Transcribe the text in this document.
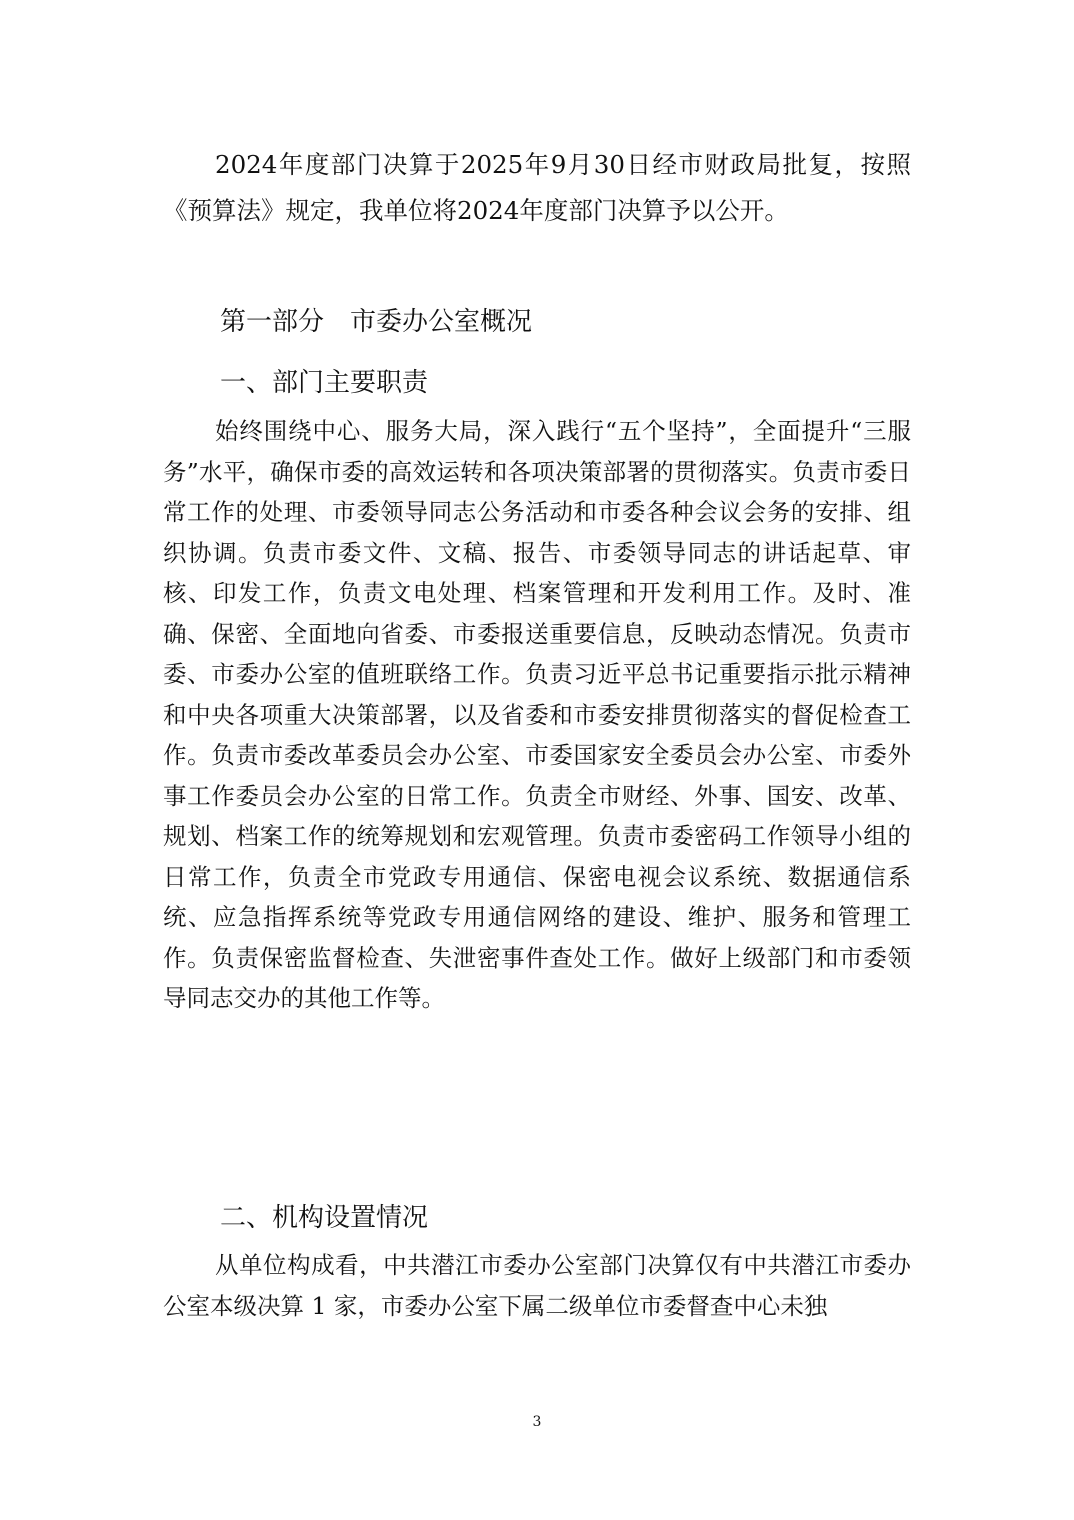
2024年度部门决算于2025年9月30日经市财政局批复，按照《预算法》规定，我单位将2024年度部门决算予以公开。

第一部分 市委办公室概况
一、部门主要职责

始终围绕中心、服务大局，深入践行“五个坚持”，全面提升“三服务”水平，确保市委的高效运转和各项决策部署的贯彻落实。负责市委日常工作的处理、市委领导同志公务活动和市委各种会议会务的安排、组织协调。负责市委文件、文稿、报告、市委领导同志的讲话起草、审核、印发工作，负责文电处理、档案管理和开发利用工作。及时、准确、保密、全面地向省委、市委报送重要信息，反映动态情况。负责市委、市委办公室的值班联络工作。负责习近平总书记重要指示批示精神和中央各项重大决策部署，以及省委和市委安排贯彻落实的督促检查工作。负责市委改革委员会办公室、市委国家安全委员会办公室、市委外事工作委员会办公室的日常工作。负责全市财经、外事、国安、改革、规划、档案工作的统筹规划和宏观管理。负责市委密码工作领导小组的日常工作，负责全市党政专用通信、保密电视会议系统、数据通信系统、应急指挥系统等党政专用通信网络的建设、维护、服务和管理工作。负责保密监督检查、失泄密事件查处工作。做好上级部门和市委领导同志交办的其他工作等。

二、机构设置情况

从单位构成看，中共潜江市委办公室部门决算仅有中共潜江市委办公室本级决算 1 家，市委办公室下属二级单位市委督查中心未独

3
